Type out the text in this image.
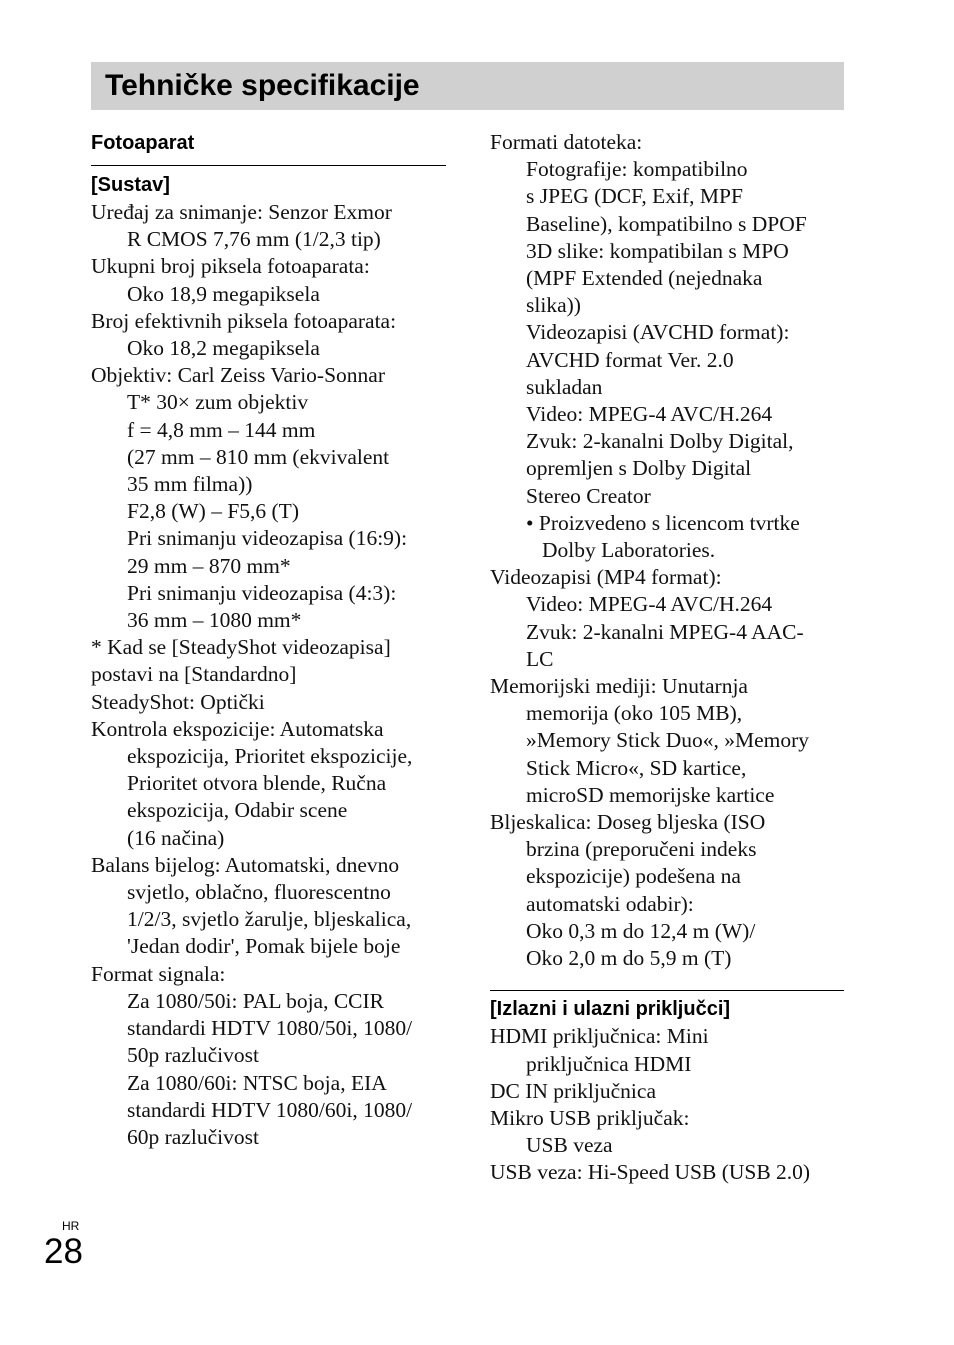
Tehničke specifikacije
Fotoaparat
[Sustav]
Uređaj za snimanje: Senzor Exmor
R CMOS 7,76 mm (1/2,3 tip)
Ukupni broj piksela fotoaparata:
Oko 18,9 megapiksela
Broj efektivnih piksela fotoaparata:
Oko 18,2 megapiksela
Objektiv: Carl Zeiss Vario-Sonnar
T* 30× zum objektiv
f = 4,8 mm – 144 mm
(27 mm – 810 mm (ekvivalent
35 mm filma))
F2,8 (W) – F5,6 (T)
Pri snimanju videozapisa (16:9):
29 mm – 870 mm*
Pri snimanju videozapisa (4:3):
36 mm – 1080 mm*
* Kad se [SteadyShot videozapisa]
postavi na [Standardno]
SteadyShot: Optički
Kontrola ekspozicije: Automatska
ekspozicija, Prioritet ekspozicije,
Prioritet otvora blende, Ručna
ekspozicija, Odabir scene
(16 načina)
Balans bijelog: Automatski, dnevno
svjetlo, oblačno, fluorescentno
1/2/3, svjetlo žarulje, bljeskalica,
'Jedan dodir', Pomak bijele boje
Format signala:
Za 1080/50i: PAL boja, CCIR
standardi HDTV 1080/50i, 1080/
50p razlučivost
Za 1080/60i: NTSC boja, EIA
standardi HDTV 1080/60i, 1080/
60p razlučivost
Formati datoteka:
Fotografije: kompatibilno
s JPEG (DCF, Exif, MPF
Baseline), kompatibilno s DPOF
3D slike: kompatibilan s MPO
(MPF Extended (nejednaka
slika))
Videozapisi (AVCHD format):
AVCHD format Ver. 2.0
sukladan
Video: MPEG-4 AVC/H.264
Zvuk: 2-kanalni Dolby Digital,
opremljen s Dolby Digital
Stereo Creator
• Proizvedeno s licencom tvrtke
Dolby Laboratories.
Videozapisi (MP4 format):
Video: MPEG-4 AVC/H.264
Zvuk: 2-kanalni MPEG-4 AAC-
LC
Memorijski mediji: Unutarnja
memorija (oko 105 MB),
»Memory Stick Duo«, »Memory
Stick Micro«, SD kartice,
microSD memorijske kartice
Bljeskalica: Doseg bljeska (ISO
brzina (preporučeni indeks
ekspozicije) podešena na
automatski odabir):
Oko 0,3 m do 12,4 m (W)/
Oko 2,0 m do 5,9 m (T)
[Izlazni i ulazni priključci]
HDMI priključnica: Mini
priključnica HDMI
DC IN priključnica
Mikro USB priključak:
USB veza
USB veza: Hi-Speed USB (USB 2.0)
HR
28
